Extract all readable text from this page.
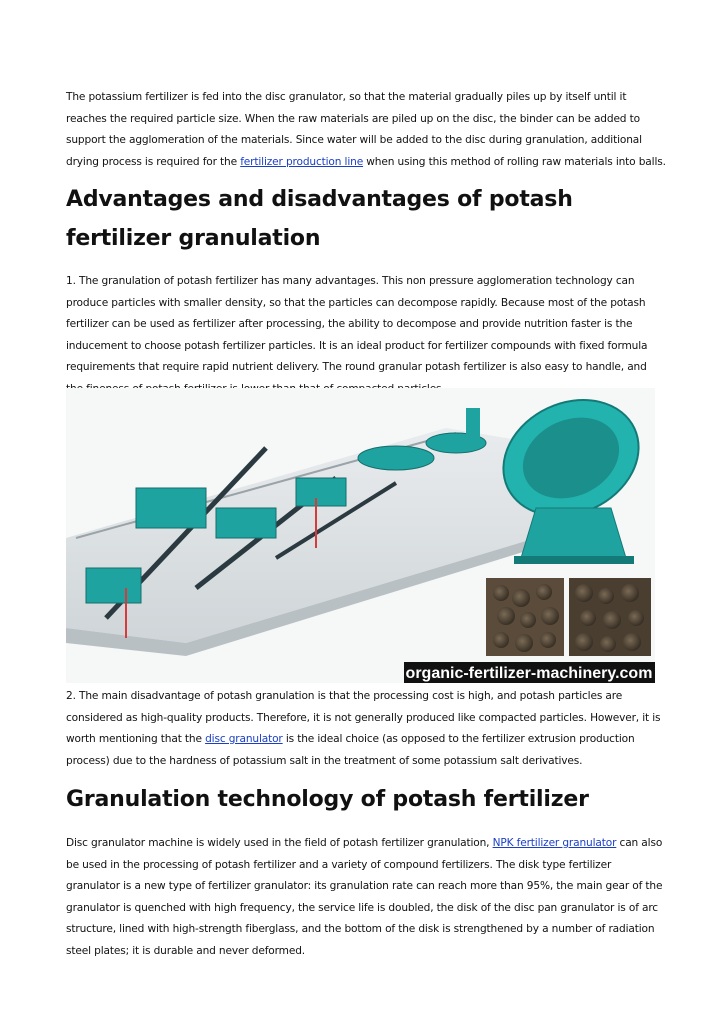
The potassium fertilizer is fed into the disc granulator, so that the material gradually piles up by itself until it reaches the required particle size. When the raw materials are piled up on the disc, the binder can be added to support the agglomeration of the materials. Since water will be added to the disc during granulation, additional drying process is required for the fertilizer production line when using this method of rolling raw materials into balls.

Advantages and disadvantages of potash fertilizer granulation

1. The granulation of potash fertilizer has many advantages. This non pressure agglomeration technology can produce particles with smaller density, so that the particles can decompose rapidly. Because most of the potash fertilizer can be used as fertilizer after processing, the ability to decompose and provide nutrition faster is the inducement to choose potash fertilizer particles. It is an ideal product for fertilizer compounds with fixed formula requirements that require rapid nutrient delivery. The round granular potash fertilizer is also easy to handle, and

organic-fertilizer-machinery.com

2. The main disadvantage of potash granulation is that the processing cost is high, and potash particles are considered as high-quality products. Therefore, it is not generally produced like compacted particles. However, it is worth mentioning that the disc granulator is the ideal choice (as opposed to the fertilizer extrusion production process) due to the hardness of potassium salt in the treatment of some potassium salt derivatives.

Granulation technology of potash fertilizer

Disc granulator machine is widely used in the field of potash fertilizer granulation, NPK fertilizer granulator can also be used in the processing of potash fertilizer and a variety of compound fertilizers. The disk type fertilizer granulator is a new type of fertilizer granulator: its granulation rate can reach more than 95%, the main gear of the granulator is quenched with high frequency, the service life is doubled, the disk of the disc pan granulator is of arc structure, lined with high-strength fiberglass, and the bottom of the disk is strengthened by a number of radiation steel plates; it is durable and never deformed.
